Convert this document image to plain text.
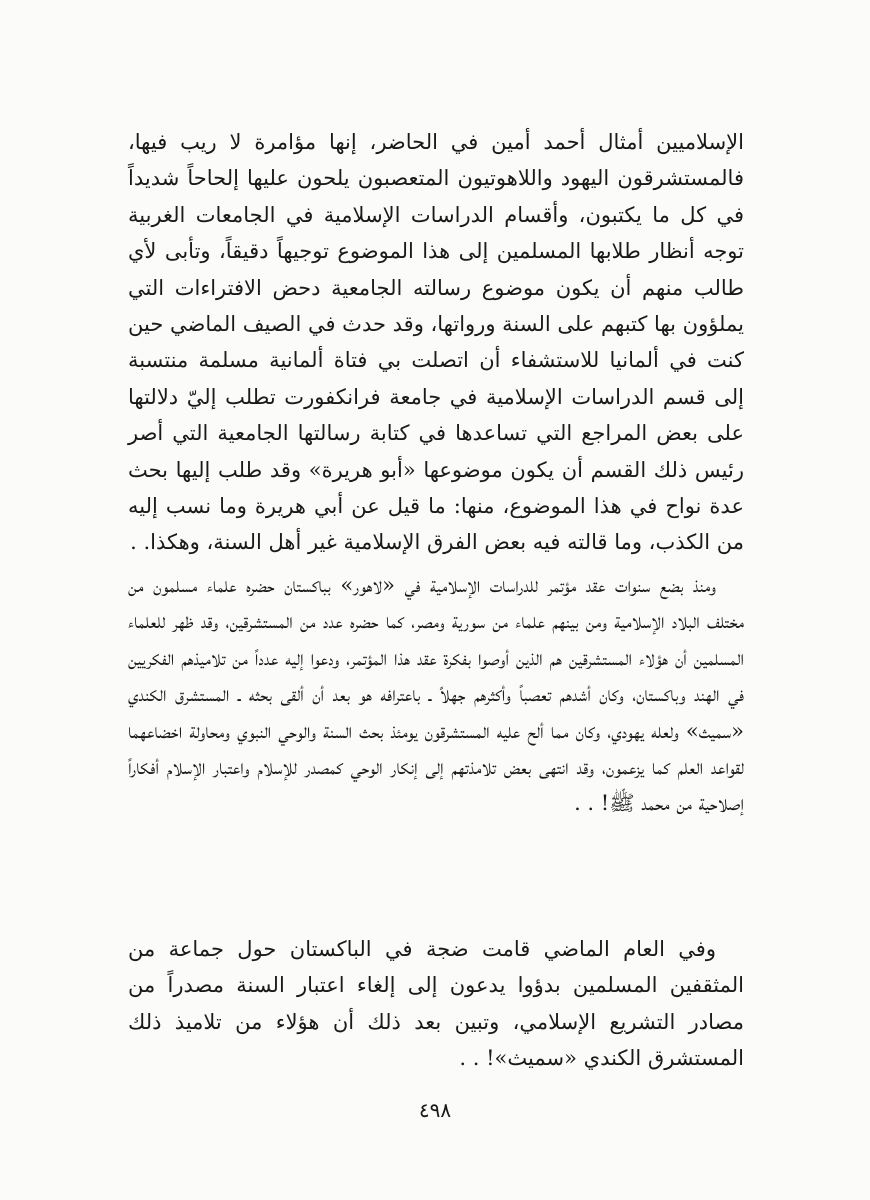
الإسلاميين أمثال أحمد أمين في الحاضر، إنها مؤامرة لا ريب فيها، فالمستشرقون اليهود واللاهوتيون المتعصبون يلحون عليها إلحاحاً شديداً في كل ما يكتبون، وأقسام الدراسات الإسلامية في الجامعات الغربية توجه أنظار طلابها المسلمين إلى هذا الموضوع توجيهاً دقيقاً، وتأبى لأي طالب منهم أن يكون موضوع رسالته الجامعية دحض الافتراءات التي يملؤون بها كتبهم على السنة ورواتها، وقد حدث في الصيف الماضي حين كنت في ألمانيا للاستشفاء أن اتصلت بي فتاة ألمانية مسلمة منتسبة إلى قسم الدراسات الإسلامية في جامعة فرانكفورت تطلب إليّ دلالتها على بعض المراجع التي تساعدها في كتابة رسالتها الجامعية التي أصر رئيس ذلك القسم أن يكون موضوعها «أبو هريرة» وقد طلب إليها بحث عدة نواح في هذا الموضوع، منها: ما قيل عن أبي هريرة وما نسب إليه من الكذب، وما قالته فيه بعض الفرق الإسلامية غير أهل السنة، وهكذا. .

ومنذ بضع سنوات عقد مؤتمر للدراسات الإسلامية في «لاهور» بباكستان حضره علماء مسلمون من مختلف البلاد الإسلامية ومن بينهم علماء من سورية ومصر، كما حضره عدد من المستشرقين، وقد ظهر للعلماء المسلمين أن هؤلاء المستشرقين هم الذين أوصوا بفكرة عقد هذا المؤتمر، ودعوا إليه عدداً من تلاميذهم الفكريين في الهند وباكستان، وكان أشدهم تعصباً وأكثرهم جهلاً ـ باعترافه هو بعد أن ألقى بحثه ـ المستشرق الكندي «سميث» ولعله يهودي، وكان مما ألح عليه المستشرقون يومئذ بحث السنة والوحي النبوي ومحاولة اخضاعهما لقواعد العلم كما يزعمون، وقد انتهى بعض تلامذتهم إلى إنكار الوحي كمصدر للإسلام واعتبار الإسلام أفكاراً إصلاحية من محمد ﷺ! . .

وفي العام الماضي قامت ضجة في الباكستان حول جماعة من المثقفين المسلمين بدؤوا يدعون إلى إلغاء اعتبار السنة مصدراً من مصادر التشريع الإسلامي، وتبين بعد ذلك أن هؤلاء من تلاميذ ذلك المستشرق الكندي «سميث»! . .

٤٩٨
